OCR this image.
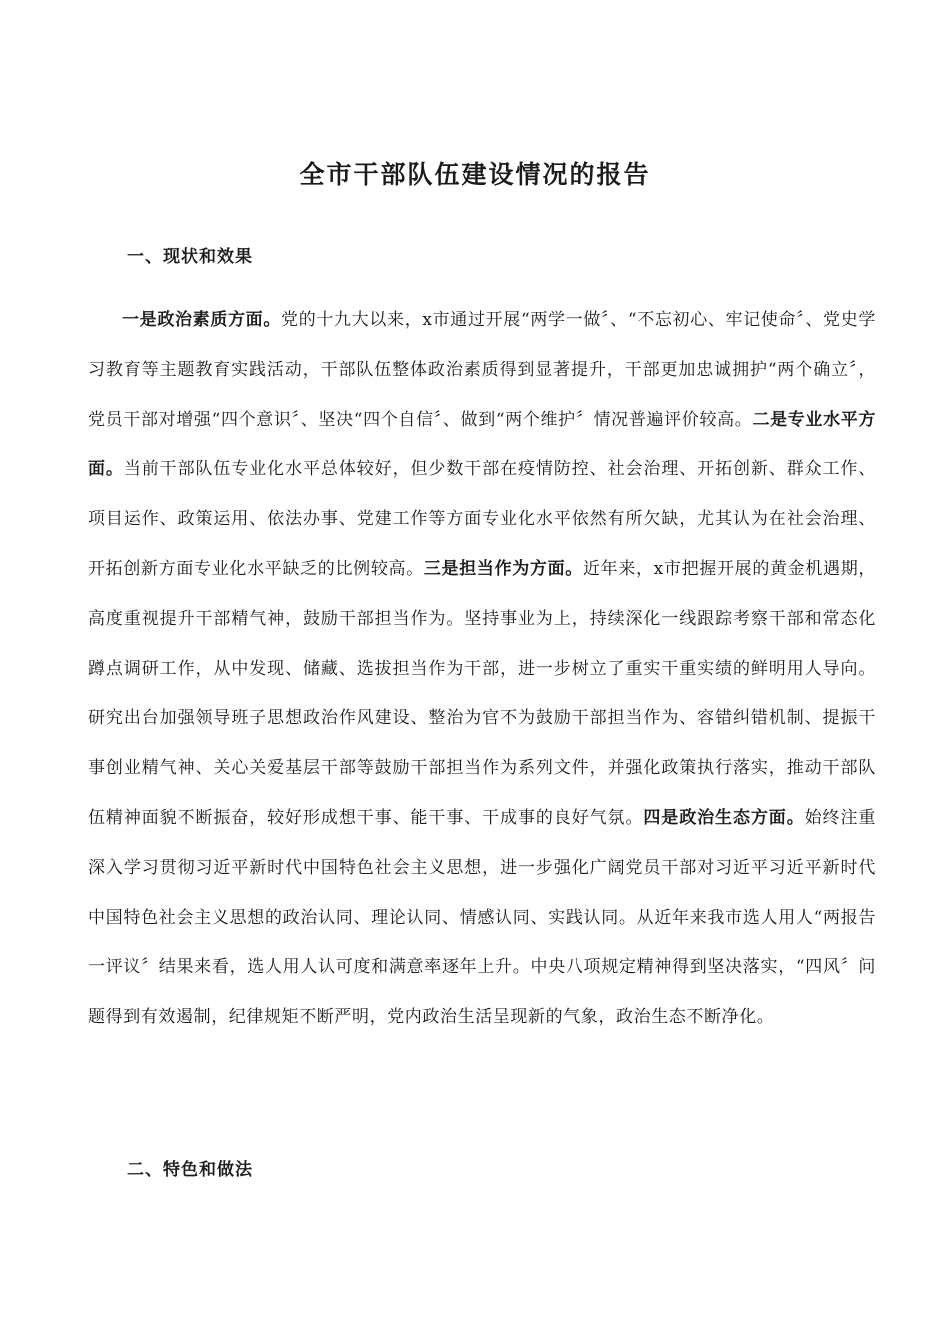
全市干部队伍建设情况的报告
一、现状和效果

一是政治素质方面。党的十九大以来，x市通过开展“两学一做〞、“不忘初心、牢记使命〞、党史学习教育等主题教育实践活动，干部队伍整体政治素质得到显著提升，干部更加忠诚拥护“两个确立〞，党员干部对增强“四个意识〞、坚决“四个自信〞、做到“两个维护〞情况普遍评价较高。二是专业水平方面。当前干部队伍专业化水平总体较好，但少数干部在疫情防控、社会治理、开拓创新、群众工作、项目运作、政策运用、依法办事、党建工作等方面专业化水平依然有所欠缺，尤其认为在社会治理、开拓创新方面专业化水平缺乏的比例较高。三是担当作为方面。近年来，x市把握开展的黄金机遇期，高度重视提升干部精气神，鼓励干部担当作为。坚持事业为上，持续深化一线跟踪考察干部和常态化蹲点调研工作，从中发现、储藏、选拔担当作为干部，进一步树立了重实干重实绩的鲜明用人导向。研究出台加强领导班子思想政治作风建设、整治为官不为鼓励干部担当作为、容错纠错机制、提振干事创业精气神、关心关爱基层干部等鼓励干部担当作为系列文件，并强化政策执行落实，推动干部队伍精神面貌不断振奋，较好形成想干事、能干事、干成事的良好气氛。四是政治生态方面。始终注重深入学习贯彻习近平新时代中国特色社会主义思想，进一步强化广阔党员干部对习近平习近平新时代中国特色社会主义思想的政治认同、理论认同、情感认同、实践认同。从近年来我市选人用人“两报告一评议〞结果来看，选人用人认可度和满意率逐年上升。中央八项规定精神得到坚决落实，“四风〞问题得到有效遏制，纪律规矩不断严明，党内政治生活呈现新的气象，政治生态不断净化。

二、特色和做法
